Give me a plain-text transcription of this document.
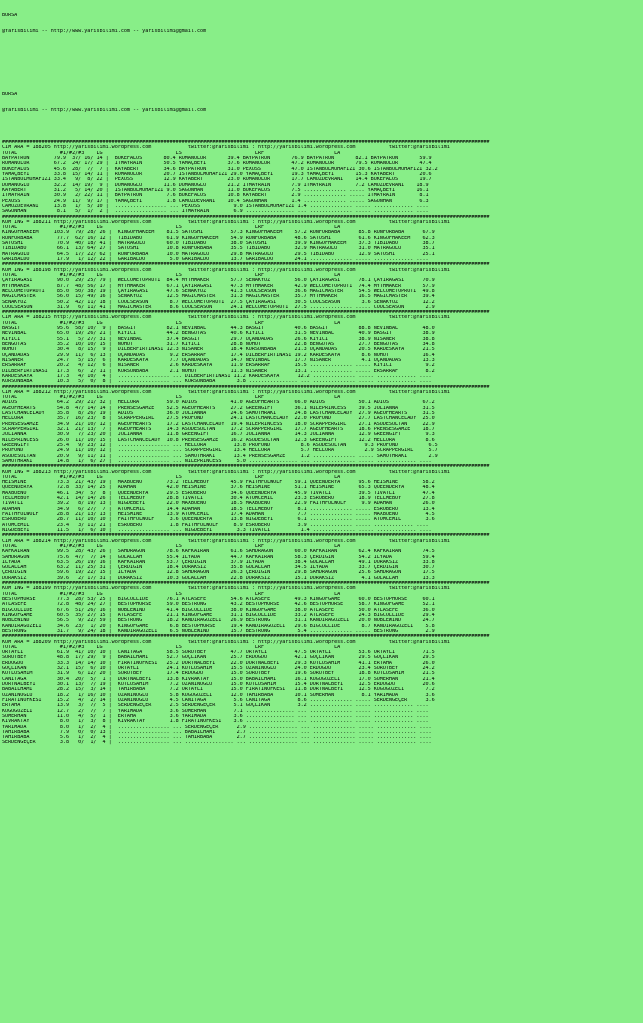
BURSA

@YarisBilimi -- http://www.yarisbilimi.com -- yarisbilimi@gmail.com

BURSA

@YarisBilimi -- http://www.yarisbilimi.com -- yarisbilimi@gmail.com

################################################################################################################################################################
CIM ARA = 188205 http://yarisbilimi.wordpress.com            twitter:@YarisBilimi : http://yarisbilimi.wordpress.com           twitter:@YarisBilimi
TOTAL              #1/#2/#3    LG                        LS                        LRF                       LA
BAYPATRON        79.9  37/ 16/ 14 |  BUKEFALOS       80.4 ROMANOLUR       39.4 BAYPATRON       76.9 BAYPATRON       82.1 BAYPATRON       59.9
ROMANOLUR        67.2  24/ 17/ 29 |  ITMAYRAIN       50.5 YAMAÇBEYI       37.6 ROMANOLUR       47.2 ROMANOLUR       79.5 ROMANOLUR       47.4
BUKEFALOS        45.6  28/  7/  7 |  KAYABERT        34.6 BAYPATRON       31.0 PEXUSS          47.0 ISTANBULMUHAFIZI 30.6 ISTANBULMUHAFIZI 32.2
YAMAÇBEYI        33.8  15/ 14/ 11 |  ROMANOLUR       20.7 ISTANBULMUHAFIZI 29.0 YAMAÇBEYI      19.3 YAMAÇBEYI       15.3 KAYABERT        20.6
ISTANBULMUHAFIZI 33.4   9/  8/ 22 |  PEXUSS          12.9 KAYABERT        23.0 ROMANOLUR       17.7 CAMUZDEVRANI    14.4 BUKEFALOS       19.7
DUMANOGLU        32.2  14/ 19/  9 |  DUMANOGLU       11.6 DUMANOGLU       21.2 ITMAYRAIN       7.9 ITMAYRAIN        7.2 CAMUZDEVRANI    18.9
KAYABERT         31.2   5/ 14/ 20 |  ISTANBULMUHAFIZI 9.0 SAGUNHAN        11.0 BUKEFALOS       7.5 .............. ..... YAMAÇBEYI       16.1
ITMAYRAIN        30.9   2/ 22/ 11 |  BAYPATRON        7.6 BUKEFALOS       10.8 KAYABERT        2.9 .............. ..... ITMAYRAIN        8.1
PEXUSS           24.9  11/  9/ 17 |  YAMAÇBEYI        1.8 CAMUZDEVRANI    10.4 SAGUNHAN        1.4 .............. ..... SAGUNHAN         6.3
CAMUZDEVRANI     13.8   1/  5/ 10 |  ................. ... PEXUSS           9.0 ISTANBULMUHAFIZI 1.4 .............. ..... ............. ....
SAGUNHAN          8.1   5/  1/  2 |  ................. ... ITMAYRAIN        6.9 ................ ... .............. ..... ............. ....
################################################################################################################################################################
KUM ING = 188211 http://yarisbilimi.wordpress.com            twitter:@YarisBilimi : http://yarisbilimi.wordpress.com           twitter:@YarisBilimi
TOTAL              #1/#2/#3    LG                        LS                        LRF                       LA
KINGOFHAKEEM     103.9  79/ 28/ 26 |  KINGOFHAKEEM    81.5 SATOSHI         57.3 KINGOFHAKEEM    57.2 RUNFORBABA      85.8 RUNFORBABA      67.9
RUNFORBABA        77.7  62/ 16/ 12 |  TIBIDABO        61.9 KINGOFHAKEEM    54.9 RUNFORBABA      48.6 SATOSHI         61.6 KINGOFHAKEEM    62.3
SATOSHI           70.9  40/ 18/ 41 |  MATRAGÜLÜ       60.0 TIBIDABO        38.0 SATOSHI         39.9 KINGOFHAKEEM    37.3 TIBIDABO        38.7
TIBIDABO          66.1  13/ 64/ 27 |  SATOSHI         10.8 RUNFORBABA      35.5 TIBIDABO        32.9 MATRAGÜLÜ       31.0 MATRAGÜLÜ       35.1
MATRAGÜLÜ         64.5  17/ 22/ 62 |  RUNFORBABA      10.0 MATRAGÜLÜ       29.8 MATRAGÜLÜ       29.5 TIBIDABO        12.9 SATOSHI         25.1
GARIBALDO         17.9   1/ 12/ 22 |  GARIBALDO        5.0 GARIBALDO       13.7 GARIBALDO       24.1 .............. ..... ............. ....
################################################################################################################################################################
KUM ING = 188198 http://yarisbilimi.wordpress.com            twitter:@YarisBilimi : http://yarisbilimi.wordpress.com           twitter:@YarisBilimi
TOTAL              #1/#2/#3    LG                        LS                        LRF                       LA
ÇAYIRAGASI        90.0  29/ 25/ 79 |  WELCOMETOPROTI  84.4 MYTHMAKER       57.7 SENAKYÜZ        56.0 ÇAYIRAGASI      78.1 ÇAYIRAGASI      70.9
MYTHMAKER         87.7  48/ 56/ 17 |  MYTHMAKER       67.1 ÇAYIRAGASI      47.3 MYTHMAKER       42.9 WELCOMETOPROTI  74.4 MYTHMAKER       57.9
WELCOMETOPROTI    85.0  50/ 38/ 19 |  ÇAYIRAGASI      47.6 SENAKYÜZ        41.3 COOLSEASON      36.6 MAGICMASTER     54.5 WELCOMETOPROTI  49.8
MAGICMASTER       56.0  15/ 49/ 16 |  SENAKYÜZ        12.5 MAGICMASTER     31.3 MAGICMASTER     35.7 MYTHMAKER       16.5 MAGICMASTER     39.4
SENAKYÜZ          50.2  42/ 11/ 18 |  COOLSEASON       8.7 WELCOMETOPROTI  27.5 ÇAYIRAGASI      30.5 COOLSEASON       3.6 SENAKYÜZ        12.2
COOLSEASON        31.9   6/ 11/ 41 |  MAGICMASTER      8.6 COOLSEASON      24.1 WELCOMETOPROTI  27.5 .............. ..... COOLSEASON       2.9
################################################################################################################################################################
CIM ARA = 188215 http://yarisbilimi.wordpress.com            twitter:@YarisBilimi : http://yarisbilimi.wordpress.com           twitter:@YarisBilimi
TOTAL              #1/#2/#3    LG                        LS                        LRF                       LA
BASGIT            95.6  58/ 10/  9 |  BASGIT          82.1 NEVINBAL        44.3 BASGIT          40.6 BASGIT          88.8 NEVINBAL        48.0
NEVINBAL          65.0  19/ 26/ 21 |  KIYICI          44.2 BENGÜTAS        40.6 KIYICI          31.5 NEVINBAL        40.9 BASGIT          38.9
KIYICI            55.1   5/ 27/ 31 |  NEVINBAL        37.4 BASGIT          29.7 UÇANDADAS       26.6 KIYICI          38.9 NISANER         38.8
BENGÜTAS          35.2  10/ 10/ 15 |  NOHUT           31.7 KIYICI          28.8 NOHUT           22.8 BENGÜTAS        27.7 BENGÜTAS        34.8
NOHUT             30.4   8/ 15/  9 |  DILBERFIRTINASI 12.3 NISANER         18.4 KURSUNBABA      21.3 UÇANDADAS       20.5 KARDESKAYA      21.5
UÇANDADAS         29.9  11/  6/ 13 |  UÇANDADAS        9.2 ERSARRAF        17.4 DILBERFIRTINASI 19.2 KARDESKAYA       8.6 NOHUT           16.4
NISANER           24.7   5/ 15/  6 |  KARDESKAYA       7.7 UÇANDADAS       14.7 NEVINBAL        17.7 NISANER          4.1 UÇANDADAS       13.3
ERSARRAF          20.2   4/ 12/  6 |  NISANER          2.6 KARDESKAYA      11.9 ERSARRAF        15.5 .............. ..... KIYICI           9.2
DILBERFIRTINASI   17.3   6/  2/ 11 |  KURSUNBABA       2.1 NOHUT           11.3 NISANER         13.1 .............. ..... ERSARRAF         8.2
KARDESKAYA        17.3   4/ 10/  4 |  ................. ... DILBERFIRTINASI 11.2 KARDESKAYA      12.2 .............. ..... ............. ....
KURSUNBABA        10.3   5/  0/  8 |  ................. ... KURSUNBABA       3.8 ................ ... .............. ..... ............. ....
################################################################################################################################################################
CIM ARA = 188212 http://yarisbilimi.wordpress.com            twitter:@YarisBilimi : http://yarisbilimi.wordpress.com           twitter:@YarisBilimi
TOTAL              #1/#2/#3    LG                        LS                        LRF                       LA
ADIOS             64.2  29/ 21/ 32 |  HELLORA         59.0 ADIOS           41.0 AGEOFHEARTS     66.0 ADIOS           50.1 ADIOS           67.2
AGEOFHEARTS       54.8  47/ 14/ 14 |  PRENSESGAMZE    52.5 AGEOFHEARTS     27.2 GREENGIFT       36.1 NILEPRINCESS    39.5 JULIANNA        31.5
LASTCHANCELADY    35.8   8/ 26/ 19 |  ADIOS           36.0 JULIANNA        24.6 SAMOTHRAKI      24.8 LASTCHANCELADY  27.9 AGEOFHEARTS     31.5
HELLORA           35.7  16/ 23/  8 |  SCRAPPERGIRL    27.5 PROFOND         24.1 LASTCHANCELADY  22.0 PROFOND         27.7 LASTCHANCELADY  25.0
PRENSESGAMZE      34.9  21/ 10/ 12 |  AGEOFHEARTS     17.2 LASTCHANCELADY  19.4 NILEPRINCESS    18.0 SCRAPPERGIRL    27.1 ASUDESULTAN     22.9
SCRAPPERGIRL      32.1  21/ 13/  7 |  AGEOFHEARTS     14.3 ASUDESULTAN     17.2 SCRAPPERGIRL    17.7 AGEOFHEARTS     18.6 PRENSESGAMZE    18.7
JULIANNA          30.9   7/ 23/ 20 |  JULIANNA        11.8 GREENGIFT       16.7 JULIANNA        14.3 JULIANNA        12.9 GREENGIFT        9.3
NILEPRINCESS      26.0  11/ 10/ 15 |  LASTCHANCELADY  10.8 PRENSESGAMZE    16.2 ASUDESULTAN     12.3 GREENGIFT       12.2 HELLORA          8.6
GREENGIFT         25.4   9/ 23/ 12 |  ................. ... HELLORA         13.8 PROFOND          8.6 ASUDESULTAN      9.3 PROFOND          6.5
PROFOND           24.9  11/ 10/ 12 |  ................. ... SCRAPPERGIRL    13.4 HELLORA          5.7 HELLORA          2.9 SCRAPPERGIRL     5.7
ASUDESULTAN       20.9   9/ 11/ 11 |  ................. ... SAMOTHRAKI      13.4 PRENSESGAMZE     1.2 .............. ..... SAMOTHRAKI       2.9
SAMOTHRAKI        14.8   1/  6/ 27 |  ................. ... NILEPRINCESS     5.0 ................ ... .............. ..... ............. ....
################################################################################################################################################################
KUM ING = 188213 http://yarisbilimi.wordpress.com            twitter:@YarisBilimi : http://yarisbilimi.wordpress.com           twitter:@YarisBilimi
TOTAL              #1/#2/#3    LG                        LS                        LRF                       LA
HEISMINE          73.3  21/ 43/ 19 |  MAXBUENO        73.2 TELLMEBOY       45.9 FAITHFULWOLF    59.1 QUEENDERYA      95.6 HEISMINE        58.2
QUEENDERYA        72.8  33/ 14/ 25 |  ADAHAN          42.0 HEISMINE        37.6 HEISMINE        51.1 HEISMINE        65.3 QUEENDERYA      48.4
MAXBUENO          46.1  34/  5/  8 |  QUEENDERYA      29.5 ESROBERO        34.6 QUEENDERYA      45.9 TIVATLI         39.5 TIVATLI         47.4
TELLMEBOY         42.1  14/ 14/ 26 |  TELLMEBOY       28.8 TIVATLI         30.4 ATOMCEMIL       23.3 ESROBERO        18.9 TELLMEBOY       27.8
TIVATLI           39.2   8/ 19/ 13 |  NIGDEBEYI       22.0 MAXBUENO        18.5 MAXBUENO        22.9 FAITHFULWOLF     9.9 ADAHAN          26.0
ADAHAN            34.9   6/ 27/  7 |  ATOMCEMIL       14.4 ADAHAN          18.5 TELLMEBOY        8.1 .............. ..... ESROBERO        13.4
FAITHFULWOLF      28.8  21/ 13/ 13 |  HEISMINE        13.9 ATOMCEMIL       17.4 ADAHAN           7.7 .............. ..... MAXBUENO         4.5
ESROBERO          28.7  11/ 10/ 10 |  FAITHFULWOLF     3.6 QUEENDERYA      13.8 NIGDEBEYI        6.1 .............. ..... ATOMCEMIL        3.6
ATOMCEMIL         23.4   3/ 11/ 21 |  ESROBERO         1.8 FAITHFULWOLF     8.9 ESROBERO         3.9 .............. ..... ............. ....
NIGDEBEYI         11.5   1/  6/ 10 |  ................. ... NIGDEBEYI        3.3 TIVATLI          1.4 .............. ..... ............. ....
################################################################################################################################################################
CIM ARA = 188214 http://yarisbilimi.wordpress.com            twitter:@YarisBilimi : http://yarisbilimi.wordpress.com           twitter:@YarisBilimi
TOTAL              #1/#2/#3    LG                        LS                        LRF                       LA
KAFKAIRAN         99.5  28/ 43/ 26 |  SAHDRAGON       78.6 KAFKAIRAN       61.6 SAHDRAGON       60.0 KAFKAIRAN       62.4 KAFKAIRAN       74.5
SAHDRAGON         75.6  47/  7/ 14 |  GÜLALLAH        55.4 ILYADA          44.7 KAFKAIRAN       58.3 ÇERDIGIN        54.2 ILYADA          59.4
ILYADA            63.5  26/ 19/ 16 |  KAFKAIRAN       53.7 ÇERDIGIN        37.9 ILYADA          38.4 GÜLALLAH        49.1 DURAKSIZ        33.8
GÜLALLAH          63.2  11/ 25/ 31 |  ÇERDIGIN        18.4 DURAKSIZ        35.8 GÜLALLAH        34.5 ILYADA          33.7 ÇERDIGIN        30.7
ÇERDIGIN          59.6  19/ 22/ 15 |  ILYADA          12.8 SAHDRAGON       26.3 ÇERDIGIN        29.8 SAHDRAGON       25.6 SAHDRAGON       17.5
DURAKSIZ          39.6   2/ 17/ 31 |  DURAKSIZ        10.3 GÜLALLAH        22.8 DURAKSIZ        15.1 DURAKSIZ         4.1 GÜLALLAH        13.3
################################################################################################################################################################
KUM ING = 188199 http://yarisbilimi.wordpress.com            twitter:@YarisBilimi : http://yarisbilimi.wordpress.com           twitter:@YarisBilimi
TOTAL              #1/#2/#3    LG                        LS                        LRF                       LA
BESTOPHORSE       77.3  28/ 53/ 25 |  BIGCOLLIDE      76.1 ATLASEFE        54.6 ATLASEFE        49.3 KINGOFGAME      60.0 BESTOPHORSE     60.1
ATLASEFE          72.8  48/ 24/ 27 |  BESTOPHORSE     59.0 BESTRONG        43.2 BESTOPHORSE     42.6 BESTOPHORSE     58.7 KINGOFGAME      52.1
BIGCOLLIDE        67.6  51/ 26/ 16 |  NOBLEWIND       41.4 BIGCOLLIDE      38.0 KINGOFGAME      38.0 ATLASEFE        50.0 ATLASEFE        36.0
KINGOFGAME        60.5  35/ 27/ 15 |  ATLASEFE        21.1 KINGOFGAME      31.1 BIGCOLLIDE      33.2 ATLASEFE        24.3 BIGCOLLIDE      29.4
NOBLEWIND         56.5   9/ 22/ 59 |  BESTRONG        18.2 KANDIRAGÜZELI   26.9 BESTRONG        31.1 KANDIRAGÜZELI   20.0 NOBLEWIND       24.7
KANDIRAGÜZELI     34.6  23/  1/ 20 |  KINGOFGAME       6.8 BESTOPHORSE     19.4 KANDIRAGÜZELI   29.6 BIGCOLLIDE       8.7 KANDIRAGÜZELI    5.8
BESTRONG          31.7   9/ 24/ 18 |  KANDIRAGÜZELI    6.5 NOBLEWIND       15.7 BESTRONG         5.4 .............. ..... BESTRONG         2.9
################################################################################################################################################################
KUM ARA = 188209 http://yarisbilimi.wordpress.com            twitter:@YarisBilimi : http://yarisbilimi.wordpress.com           twitter:@YarisBilimi
TOTAL              #1/#2/#3    LG                        LS                        LRF                       LA
ORTAYLI           61.9  41/ 10/ 10 |  CANITAGA        58.5 SURUTBEY        47.7 ORTAYLI         47.5 ORTAYLI         53.6 ORTAYLI         71.5
SURUTBEY          48.8  17/ 29/  9 |  BABAILHAMI      52.7 GÖÇLIKAN        25.7 ERDOGDU         42.1 GÖÇLIKAN        29.5 GÖÇLIKAN        29.5
ERDOGDU           33.3  14/ 14/ 10 |  FIRATINÖFKESI   25.2 DÖRTNALBEYI     22.0 DÖRTNALBEYI     29.3 KUTLUSAHIM      41.1 ERTAHA          26.0
GÖÇLIKAN          32.1  15/  6/ 10 |  ORTAYLI         24.1 KUTLUSAHIM      15.5 OZANINOGLU      24.0 ERDOGDU         23.4 SURUTBEY        24.2
KUTLUSAHIM        31.9   6/ 12/ 20 |  SURUTBEY        17.4 ERDOGDU         15.0 SURUTBEY        19.6 SURUTBEY        18.8 KUTLUSAHIM      21.5
CANITAGA          30.4  20/  5/  1 |  DÖRTNALBEYI     13.8 KIVRAKTAY       15.0 BABAILHAMI      16.1 KUGUGÜZELI      17.0 SÜMERHAN        21.4
DÖRTNALBEYI       30.1  13/  7/ 19 |  KUTLUSAHIM       7.2 OZANINOGLU      15.0 KUTLUSAHIM      15.4 DÖRTNALBEYI     12.5 ERDOGDU         20.6
BABAILHAMI        28.2  15/  3/ 14 |  TAHIRBABA        7.2 ORTAYLI         15.0 FIRATINÖFKESI   11.8 DÖRTNALBEYI     12.5 KUGUGÜZELI       7.2
OZANINOGLU        18.2   1/ 16/ 10 |  OZANINOGLU       5.8 KUGUGÜZELI      12.0 TAHIRBABA       10.1 SÜMERHAN         8.1 YARIMADA         3.6
FIRATINÖFKESI     15.2   4/  2/ 14 |  OZANINOGLU       4.5 CANITAGA         5.6 CANITAGA         8.6 .............. ..... SERDENGEÇER      3.6
ERTAHA            13.9   3/  7/  5 |  SERDENGEÇER      2.5 SERDENGEÇER      5.1 GÖÇLIKAN         3.2 .............. ..... ............. ....
KUGUGÜZELI        12.7   2/  7/  7 |  YARIMADA         3.6 SÜMERHAN         7.1 ................ ... .............. ..... ............. ....
SÜMERHAN          11.0   4/  5/  1 |  ERTAHA           3.6 YARIMADA         3.6 ................ ... .............. ..... ............. ....
KIVRAKTAY          8.0   1/  3/  8 |  KIVRAKTAY        1.8 FIRATINÖFKESI    3.6 ................ ... .............. ..... ............. ....
YARIMADA           8.0   1/  2/  4 |  ................. ... SERDENGEÇER      2.9 ................ ... .............. ..... ............. ....
TAHIRBABA          7.9   0/  0/ 13 |  ................. ... BABAILHAMI       2.7 ................ ... .............. ..... ............. ....
TAHIRBABA          5.6   1/  2/  4 |  ................. ... TAHIRBABA        2.7 ................ ... .............. ..... ............. ....
SERDENGEÇER        3.8   0/  1/  4 |  ................. ... ................ ... ................ ... .............. ..... ............. ....
